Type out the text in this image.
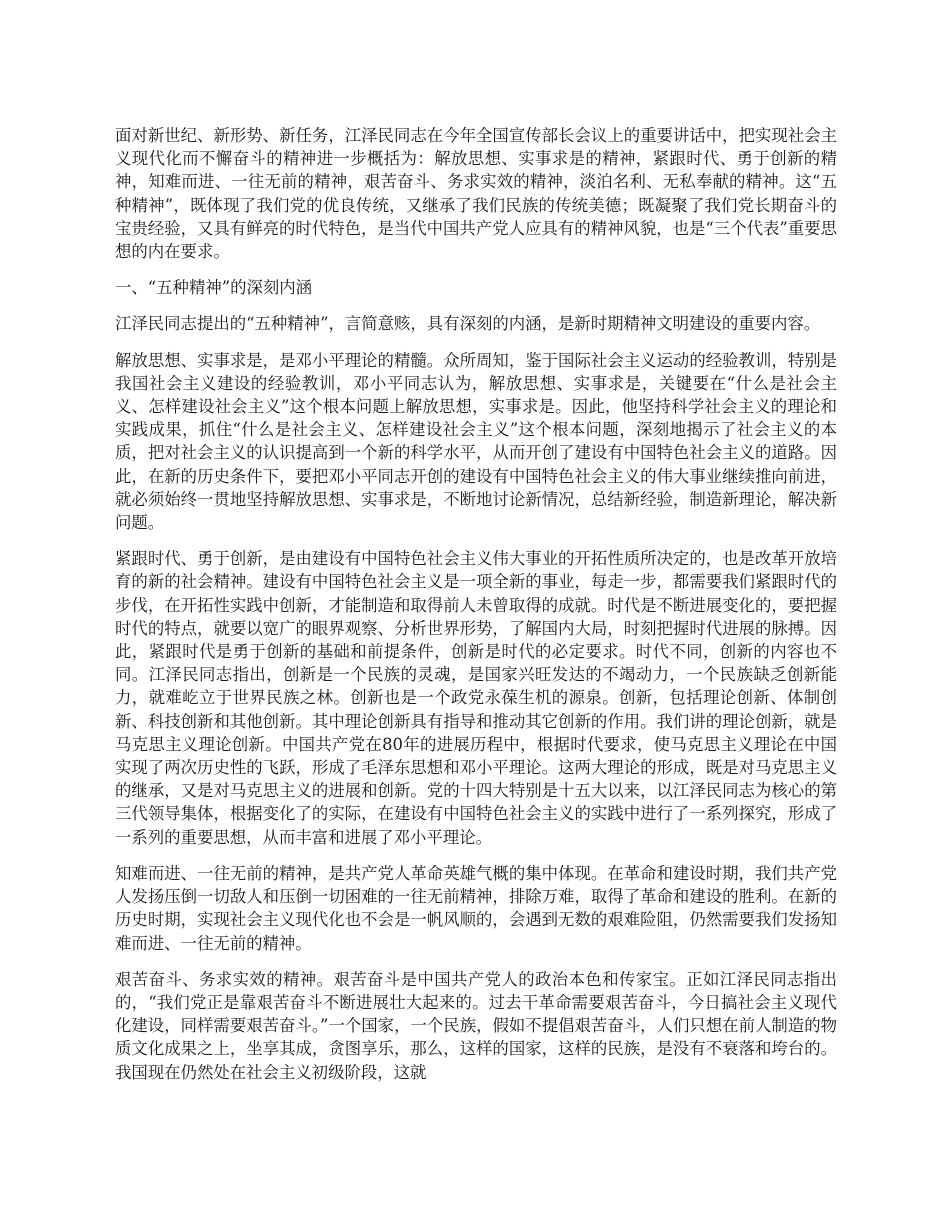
面对新世纪、新形势、新任务，江泽民同志在今年全国宣传部长会议上的重要讲话中，把实现社会主义现代化而不懈奋斗的精神进一步概括为：解放思想、实事求是的精神，紧跟时代、勇于创新的精神，知难而进、一往无前的精神，艰苦奋斗、务求实效的精神，淡泊名利、无私奉献的精神。这“五种精神”，既体现了我们党的优良传统，又继承了我们民族的传统美德；既凝聚了我们党长期奋斗的宝贵经验，又具有鲜亮的时代特色，是当代中国共产党人应具有的精神风貌，也是“三个代表”重要思想的内在要求。

一、“五种精神”的深刻内涵

江泽民同志提出的“五种精神”，言简意赅，具有深刻的内涵，是新时期精神文明建设的重要内容。

解放思想、实事求是，是邓小平理论的精髓。众所周知，鉴于国际社会主义运动的经验教训，特别是我国社会主义建设的经验教训，邓小平同志认为，解放思想、实事求是，关键要在“什么是社会主义、怎样建设社会主义”这个根本问题上解放思想，实事求是。因此，他坚持科学社会主义的理论和实践成果，抓住“什么是社会主义、怎样建设社会主义”这个根本问题，深刻地揭示了社会主义的本质，把对社会主义的认识提高到一个新的科学水平，从而开创了建设有中国特色社会主义的道路。因此，在新的历史条件下，要把邓小平同志开创的建设有中国特色社会主义的伟大事业继续推向前进，就必须始终一贯地坚持解放思想、实事求是，不断地讨论新情况，总结新经验，制造新理论，解决新问题。

紧跟时代、勇于创新，是由建设有中国特色社会主义伟大事业的开拓性质所决定的，也是改革开放培育的新的社会精神。建设有中国特色社会主义是一项全新的事业，每走一步，都需要我们紧跟时代的步伐，在开拓性实践中创新，才能制造和取得前人未曾取得的成就。时代是不断进展变化的，要把握时代的特点，就要以宽广的眼界观察、分析世界形势，了解国内大局，时刻把握时代进展的脉搏。因此，紧跟时代是勇于创新的基础和前提条件，创新是时代的必定要求。时代不同，创新的内容也不同。江泽民同志指出，创新是一个民族的灵魂，是国家兴旺发达的不竭动力，一个民族缺乏创新能力，就难屹立于世界民族之林。创新也是一个政党永葆生机的源泉。创新，包括理论创新、体制创新、科技创新和其他创新。其中理论创新具有指导和推动其它创新的作用。我们讲的理论创新，就是马克思主义理论创新。中国共产党在80年的进展历程中，根据时代要求，使马克思主义理论在中国实现了两次历史性的飞跃，形成了毛泽东思想和邓小平理论。这两大理论的形成，既是对马克思主义的继承，又是对马克思主义的进展和创新。党的十四大特别是十五大以来，以江泽民同志为核心的第三代领导集体，根据变化了的实际，在建设有中国特色社会主义的实践中进行了一系列探究，形成了一系列的重要思想，从而丰富和进展了邓小平理论。

知难而进、一往无前的精神，是共产党人革命英雄气概的集中体现。在革命和建设时期，我们共产党人发扬压倒一切敌人和压倒一切困难的一往无前精神，排除万难，取得了革命和建设的胜利。在新的历史时期，实现社会主义现代化也不会是一帆风顺的，会遇到无数的艰难险阻，仍然需要我们发扬知难而进、一往无前的精神。

艰苦奋斗、务求实效的精神。艰苦奋斗是中国共产党人的政治本色和传家宝。正如江泽民同志指出的，“我们党正是靠艰苦奋斗不断进展壮大起来的。过去干革命需要艰苦奋斗，今日搞社会主义现代化建设，同样需要艰苦奋斗。”一个国家，一个民族，假如不提倡艰苦奋斗，人们只想在前人制造的物质文化成果之上，坐享其成，贪图享乐，那么，这样的国家，这样的民族，是没有不衰落和垮台的。我国现在仍然处在社会主义初级阶段，这就
